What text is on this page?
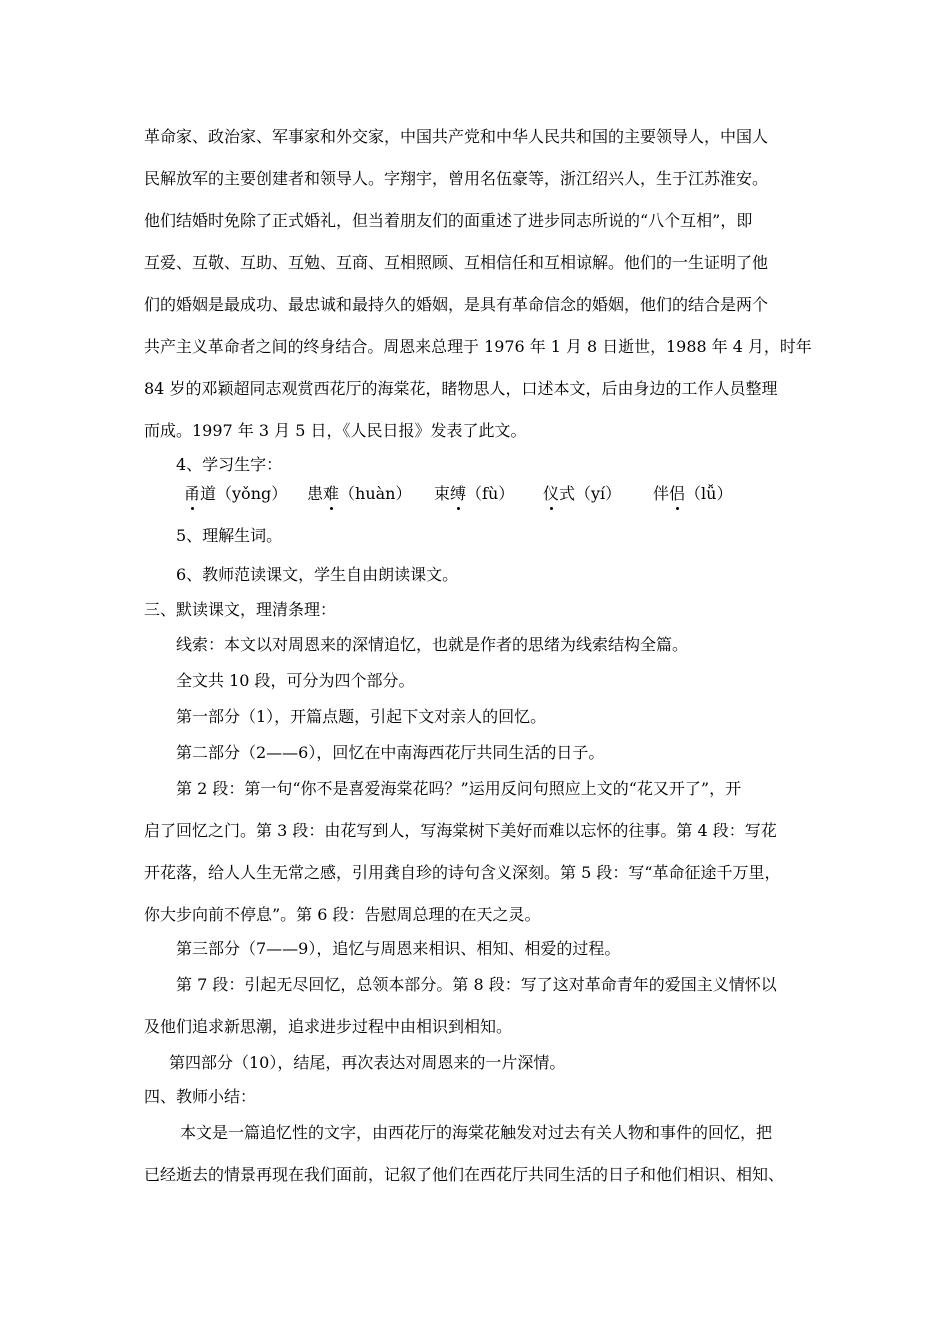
革命家、政治家、军事家和外交家，中国共产党和中华人民共和国的主要领导人，中国人
民解放军的主要创建者和领导人。字翔宇，曾用名伍豪等，浙江绍兴人，生于江苏淮安。
他们结婚时免除了正式婚礼，但当着朋友们的面重述了进步同志所说的“八个互相”，即
互爱、互敬、互助、互勉、互商、互相照顾、互相信任和互相谅解。他们的一生证明了他
们的婚姻是最成功、最忠诚和最持久的婚姻，是具有革命信念的婚姻，他们的结合是两个
共产主义革命者之间的终身结合。周恩来总理于 1976 年 1 月 8 日逝世，1988 年 4 月，时年
84 岁的邓颖超同志观赏西花厅的海棠花，睹物思人，口述本文，后由身边的工作人员整理
而成。1997 年 3 月 5 日，《人民日报》发表了此文。
4、学习生字：
甬道（yǒng） 患难（huàn） 束缚（fù） 仪式（yí） 伴侣（lǚ）
5、理解生词。
6、教师范读课文，学生自由朗读课文。
三、默读课文，理清条理：
线索：本文以对周恩来的深情追忆，也就是作者的思绪为线索结构全篇。
全文共 10 段，可分为四个部分。
第一部分（1），开篇点题，引起下文对亲人的回忆。
第二部分（2——6），回忆在中南海西花厅共同生活的日子。
第 2 段：第一句“你不是喜爱海棠花吗？”运用反问句照应上文的“花又开了”，开
启了回忆之门。第 3 段：由花写到人，写海棠树下美好而难以忘怀的往事。第 4 段：写花
开花落，给人人生无常之感，引用龚自珍的诗句含义深刻。第 5 段：写“革命征途千万里，
你大步向前不停息”。第 6 段：告慰周总理的在天之灵。
第三部分（7——9），追忆与周恩来相识、相知、相爱的过程。
第 7 段：引起无尽回忆，总领本部分。第 8 段：写了这对革命青年的爱国主义情怀以
及他们追求新思潮，追求进步过程中由相识到相知。
第四部分（10），结尾，再次表达对周恩来的一片深情。
四、教师小结：
本文是一篇追忆性的文字，由西花厅的海棠花触发对过去有关人物和事件的回忆，把
已经逝去的情景再现在我们面前，记叙了他们在西花厅共同生活的日子和他们相识、相知、
